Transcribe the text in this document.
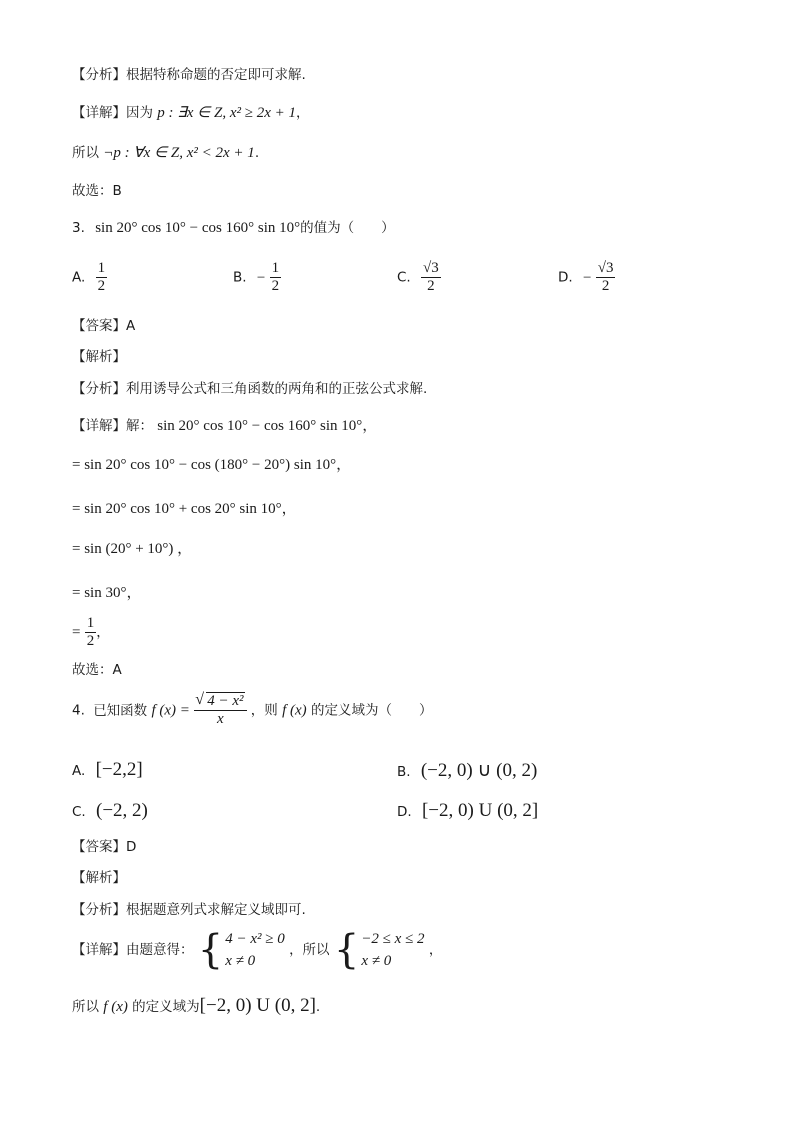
【分析】根据特称命题的否定即可求解.
【详解】因为 p : ∃x ∈ Z, x² ≥ 2x + 1，
所以 ¬p : ∀x ∈ Z, x² < 2x + 1.
故选：B
3. sin 20° cos 10° − cos 160° sin 10°的值为（　　）
A. $\frac{1}{2}$	B. − $\frac{1}{2}$	C. $\frac{√3}{2}$	D. − $\frac{√3}{2}$
【答案】A
【解析】
【分析】利用诱导公式和三角函数的两角和的正弦公式求解.
【详解】解： sin 20° cos 10° − cos 160° sin 10°，
= sin 20° cos 10° − cos (180° − 20°) sin 10°，
= sin 20° cos 10° + cos 20° sin 10°，
= sin (20° + 10°) ，
= sin 30°，
= $\frac{1}{2}$ ，
故选：A
4. 已知函数 f (x) =
√ $\frac{\text{4 − x²}}{x}$ ，则 f (x) 的定义域为（　　）
A. [−2,2]	B. (−2, 0) ∪ (0, 2)
C. (−2, 2)	D. [−2, 0) U (0, 2]
【答案】D
【解析】
【分析】根据题意列式求解定义域即可.
【详解】由题意得： { 4 − x² ≥ 0
x ≠ 0
，所以 { −2 ≤ x ≤ 2
x ≠ 0
，
所以 f (x) 的定义域为[−2, 0) U (0, 2].
